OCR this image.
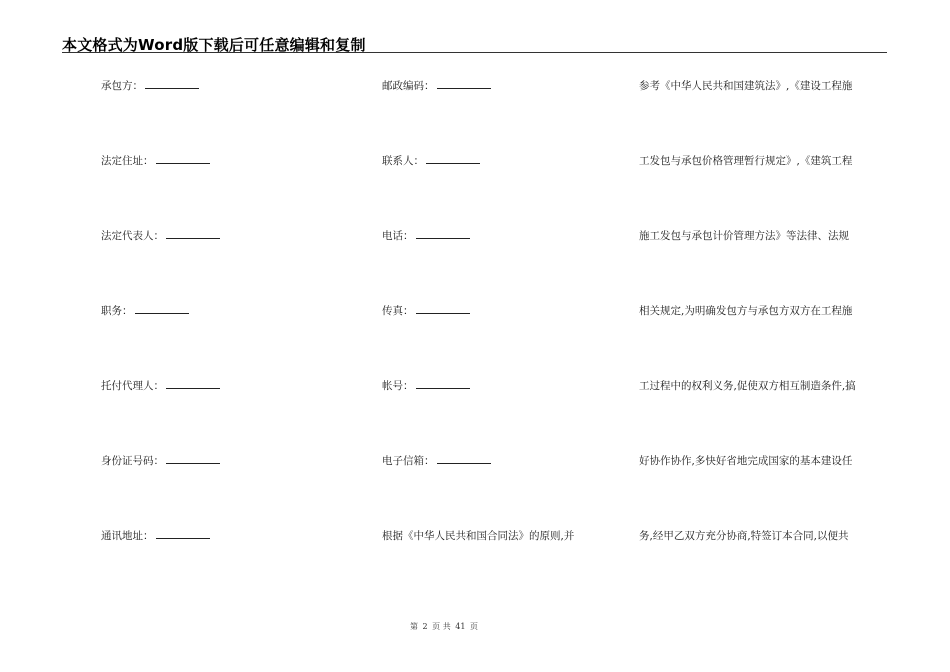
本文格式为Word版下载后可任意编辑和复制
承包方：
法定住址：
法定代表人：
职务：
托付代理人：
身份证号码：
通讯地址：
邮政编码：
联系人：
电话：
传真：
帐号：
电子信箱：
根据《中华人民共和国合同法》的原则,并
参考《中华人民共和国建筑法》,《建设工程施
工发包与承包价格管理暂行规定》,《建筑工程
施工发包与承包计价管理方法》等法律、法规
相关规定,为明确发包方与承包方双方在工程施
工过程中的权利义务,促使双方相互制造条件,搞
好协作协作,多快好省地完成国家的基本建设任
务,经甲乙双方充分协商,特签订本合同,以便共
第 2 页 共 41 页
